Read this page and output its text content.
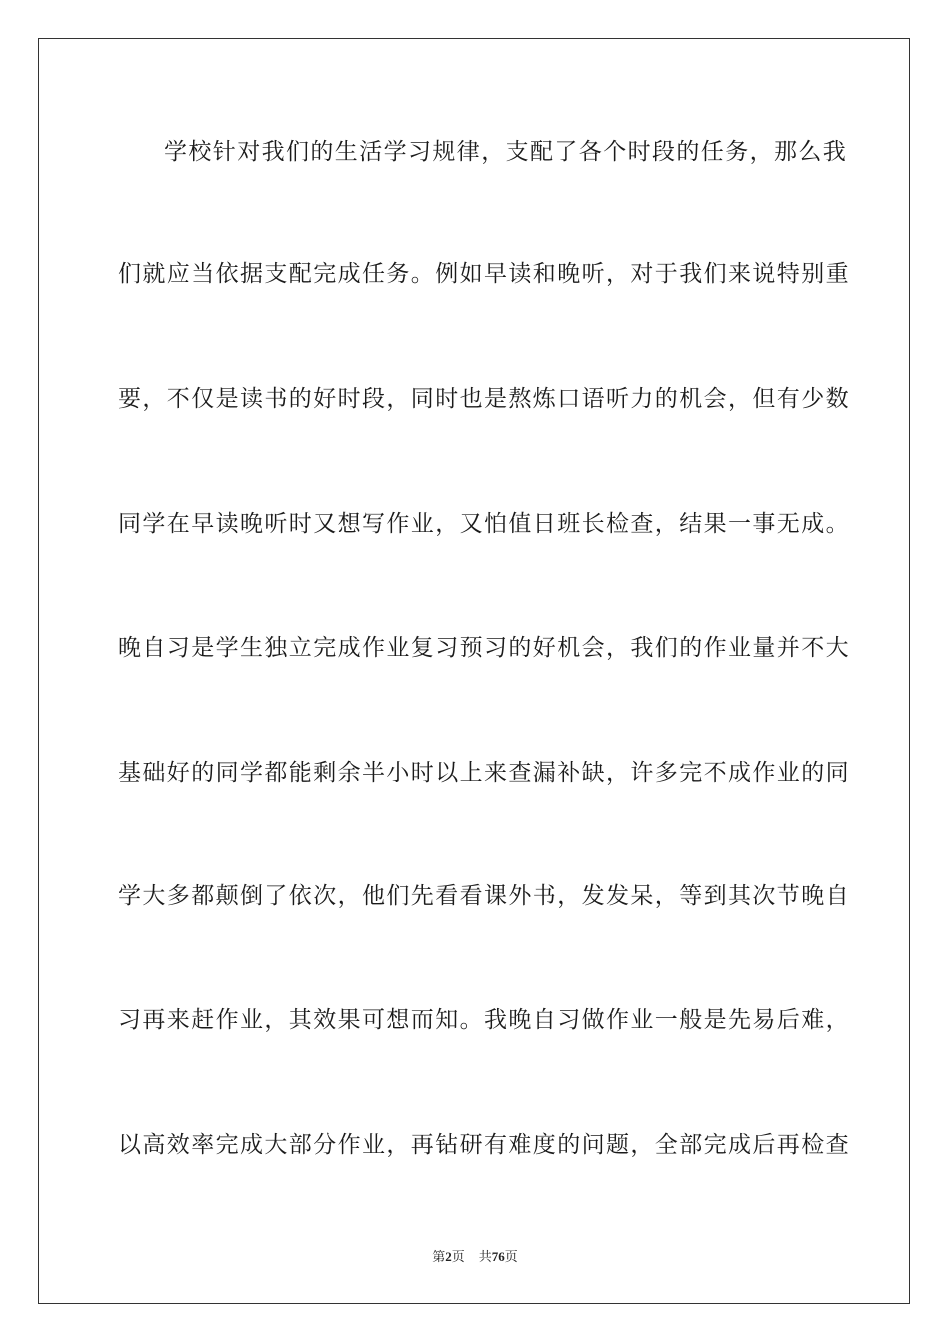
学校针对我们的生活学习规律，支配了各个时段的任务，那么我
们就应当依据支配完成任务。例如早读和晚听，对于我们来说特别重
要，不仅是读书的好时段，同时也是熬炼口语听力的机会，但有少数
同学在早读晚听时又想写作业，又怕值日班长检查，结果一事无成。
晚自习是学生独立完成作业复习预习的好机会，我们的作业量并不大
基础好的同学都能剩余半小时以上来查漏补缺，许多完不成作业的同
学大多都颠倒了依次，他们先看看课外书，发发呆，等到其次节晚自
习再来赶作业，其效果可想而知。我晚自习做作业一般是先易后难，
以高效率完成大部分作业，再钻研有难度的问题，全部完成后再检查
第2页 共76页
